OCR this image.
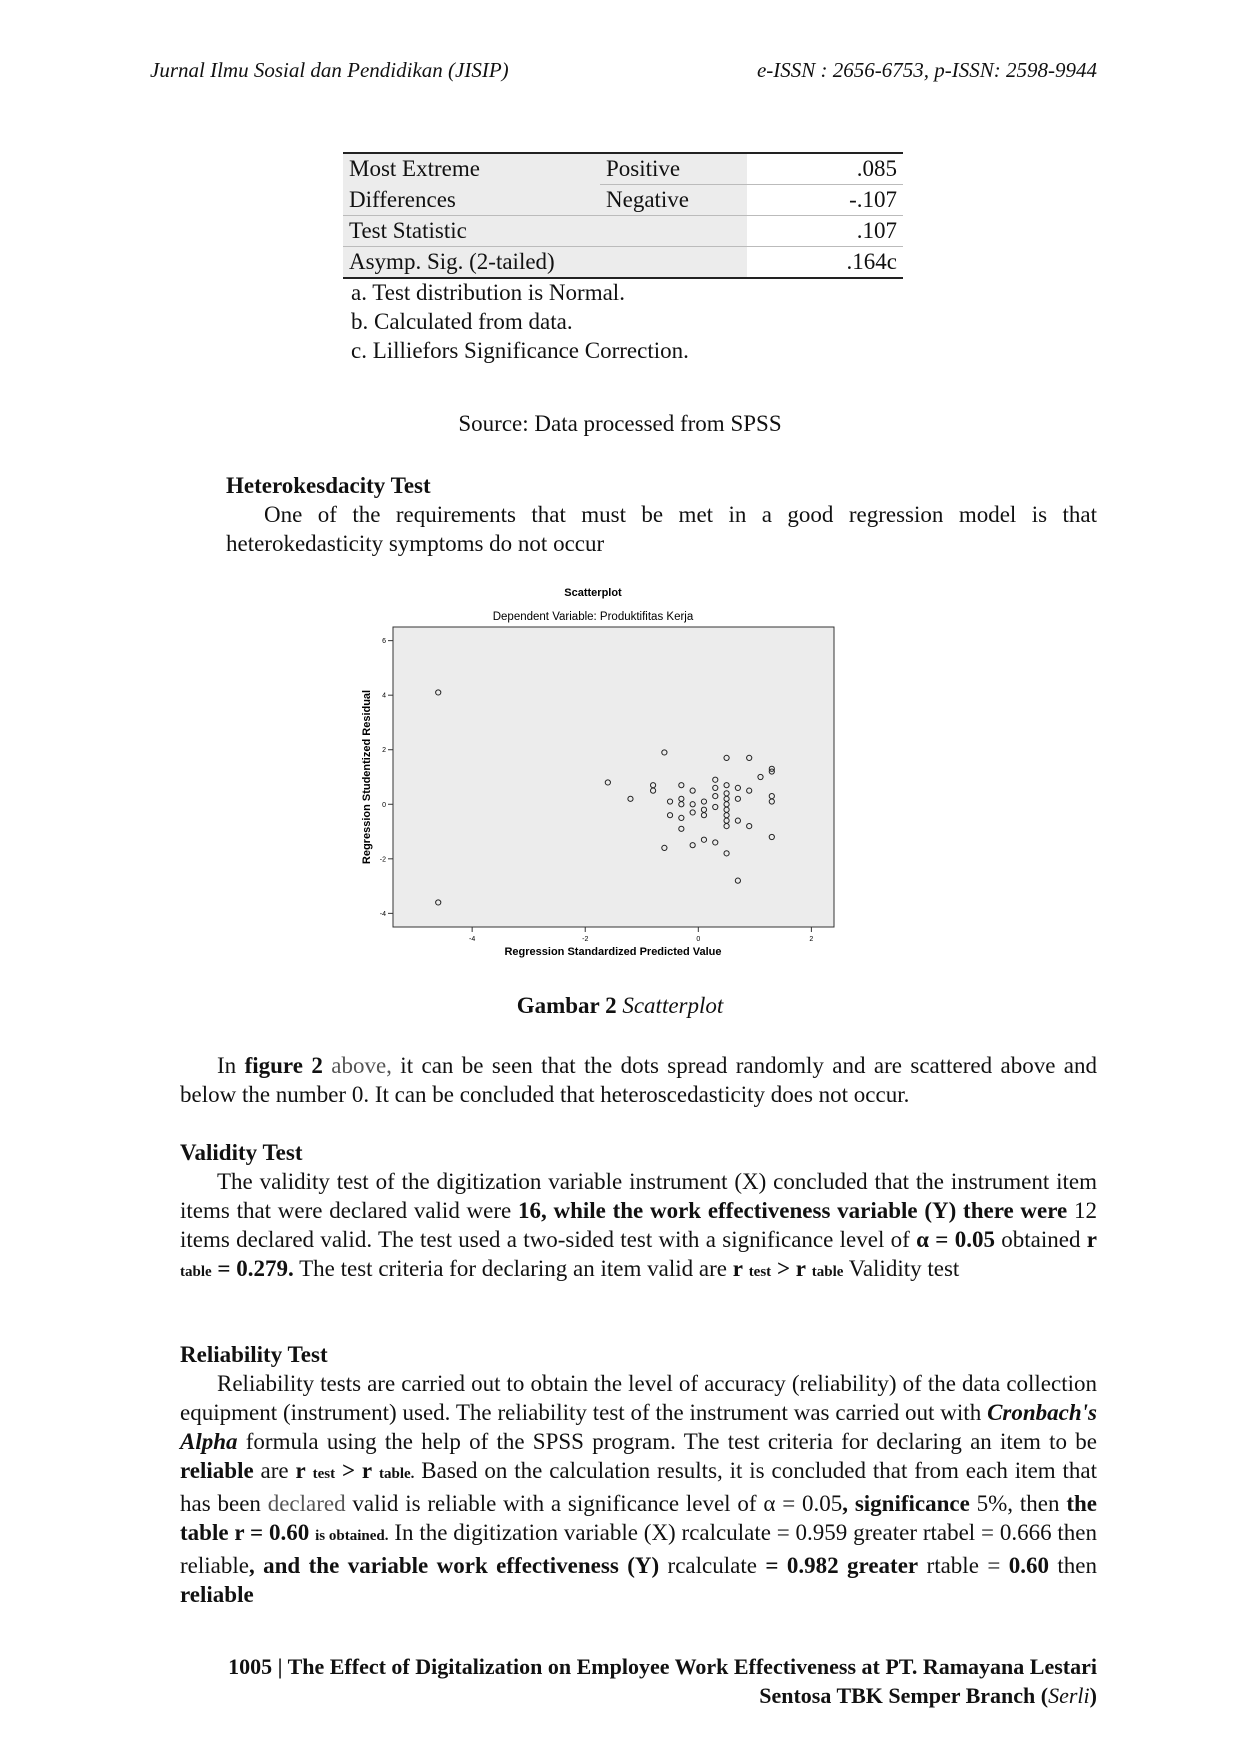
Jurnal Ilmu Sosial dan Pendidikan (JISIP)	e-ISSN : 2656-6753, p-ISSN: 2598-9944
Most Extreme	Positive	.085
Differences	Negative	-.107
Test Statistic		.107
Asymp. Sig. (2-tailed)		.164c
a. Test distribution is Normal.
b. Calculated from data.
c. Lilliefors Significance Correction.
Source: Data processed from SPSS
Heterokesdacity Test
One of the requirements that must be met in a good regression model is that heterokedasticity symptoms do not occur
Scatterplot
Dependent Variable: Produktifitas Kerja
-4	-2	0	2
-4
-2
0
2
4
6
Regression Standardized Predicted Value
Regression Studentized Residual
Gambar 2 Scatterplot
In figure 2 above, it can be seen that the dots spread randomly and are scattered above and below the number 0. It can be concluded that heteroscedasticity does not occur.
Validity Test
The validity test of the digitization variable instrument (X) concluded that the instrument item items that were declared valid were 16, while the work effectiveness variable (Y) there were 12 items declared valid. The test used a two-sided test with a significance level of α = 0.05 obtained r table = 0.279. The test criteria for declaring an item valid are r test > r table Validity test
Reliability Test
Reliability tests are carried out to obtain the level of accuracy (reliability) of the data collection equipment (instrument) used. The reliability test of the instrument was carried out with Cronbach's Alpha formula using the help of the SPSS program. The test criteria for declaring an item to be reliable are r test > r table. Based on the calculation results, it is concluded that from each item that has been declared valid is reliable with a significance level of α = 0.05, significance 5%, then the table r = 0.60 is obtained. In the digitization variable (X) rcalculate = 0.959 greater rtabel = 0.666 then reliable, and the variable work effectiveness (Y) rcalculate = 0.982 greater rtable = 0.60 then reliable
1005 | The Effect of Digitalization on Employee Work Effectiveness at PT. Ramayana Lestari
Sentosa TBK Semper Branch (Serli)
